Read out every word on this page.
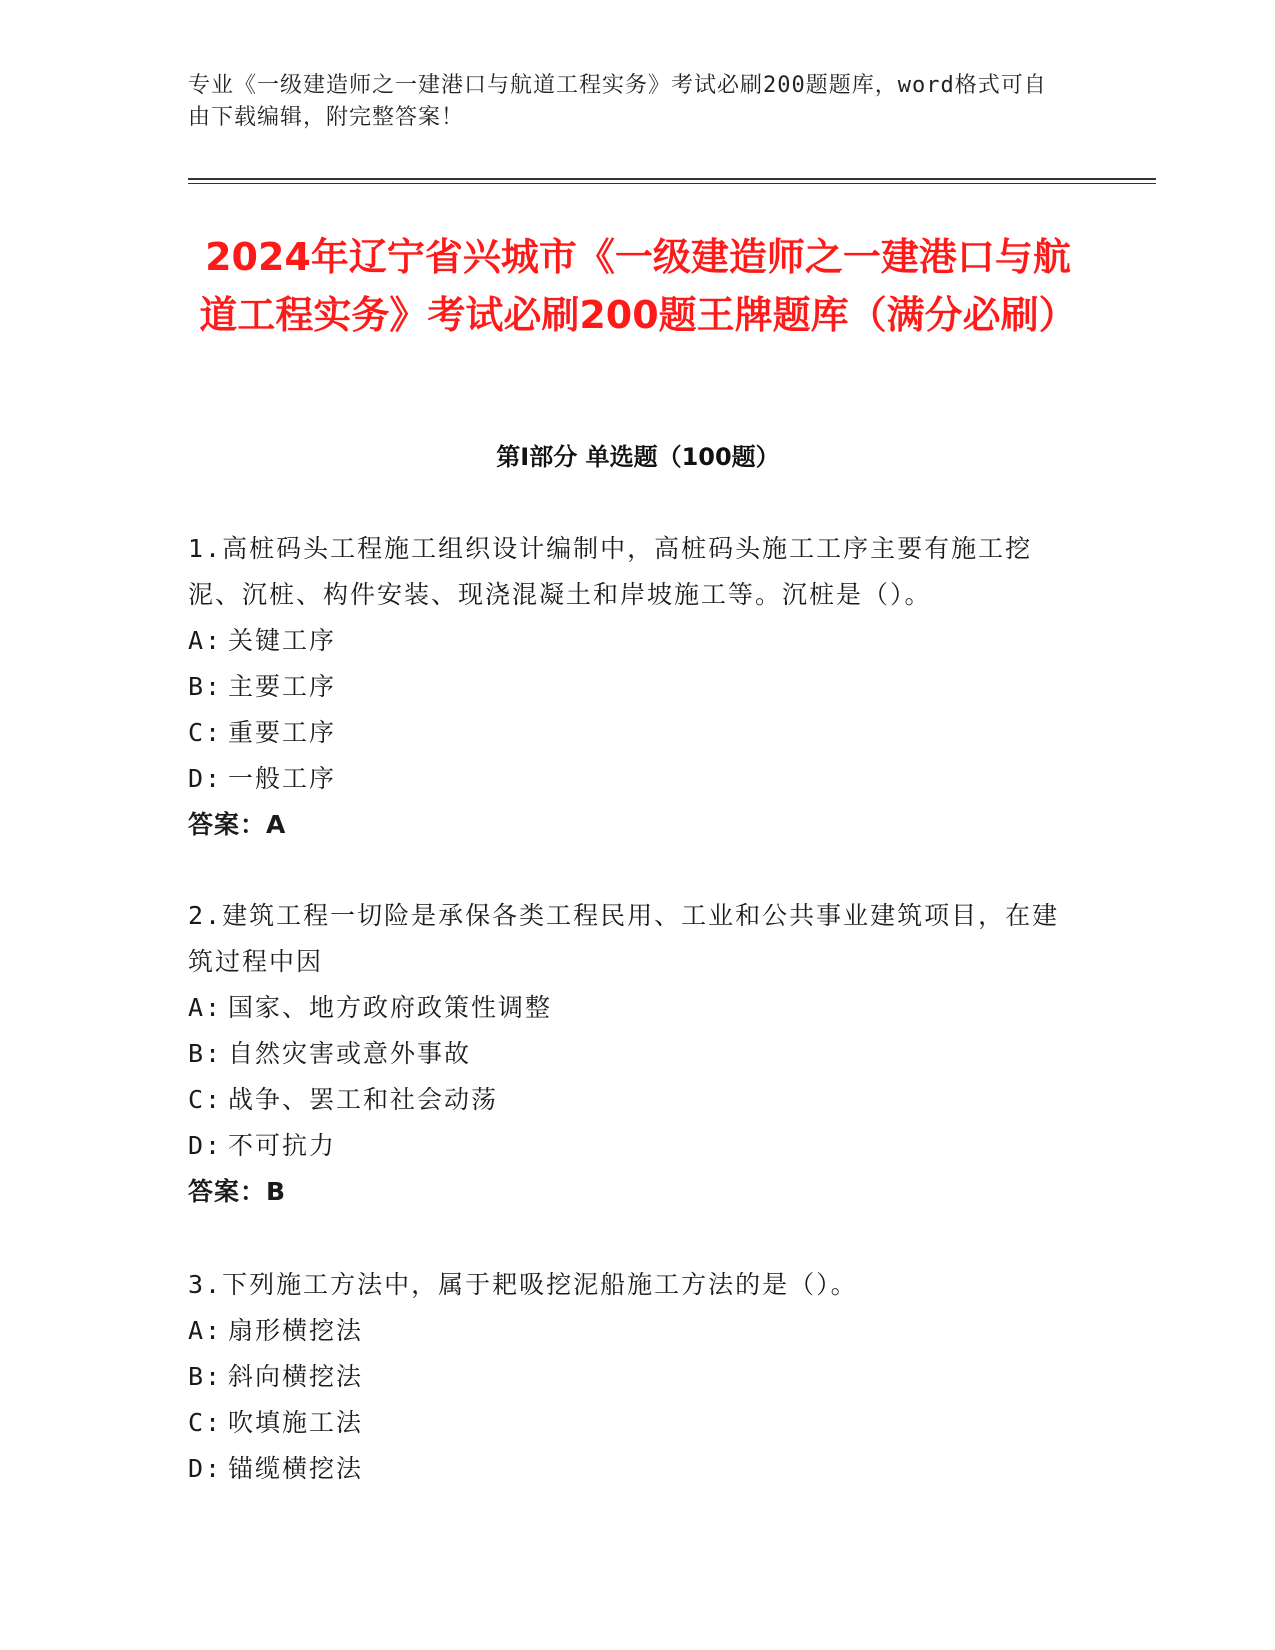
专业《一级建造师之一建港口与航道工程实务》考试必刷200题题库，word格式可自由下载编辑，附完整答案！
2024年辽宁省兴城市《一级建造师之一建港口与航道工程实务》考试必刷200题王牌题库（满分必刷）
第I部分 单选题（100题）
1.高桩码头工程施工组织设计编制中，高桩码头施工工序主要有施工挖泥、沉桩、构件安装、现浇混凝土和岸坡施工等。沉桩是（）。
A: 关键工序
B: 主要工序
C: 重要工序
D: 一般工序
答案：A
2.建筑工程一切险是承保各类工程民用、工业和公共事业建筑项目，在建筑过程中因
A: 国家、地方政府政策性调整
B: 自然灾害或意外事故
C: 战争、罢工和社会动荡
D: 不可抗力
答案：B
3.下列施工方法中，属于耙吸挖泥船施工方法的是（）。
A: 扇形横挖法
B: 斜向横挖法
C: 吹填施工法
D: 锚缆横挖法
